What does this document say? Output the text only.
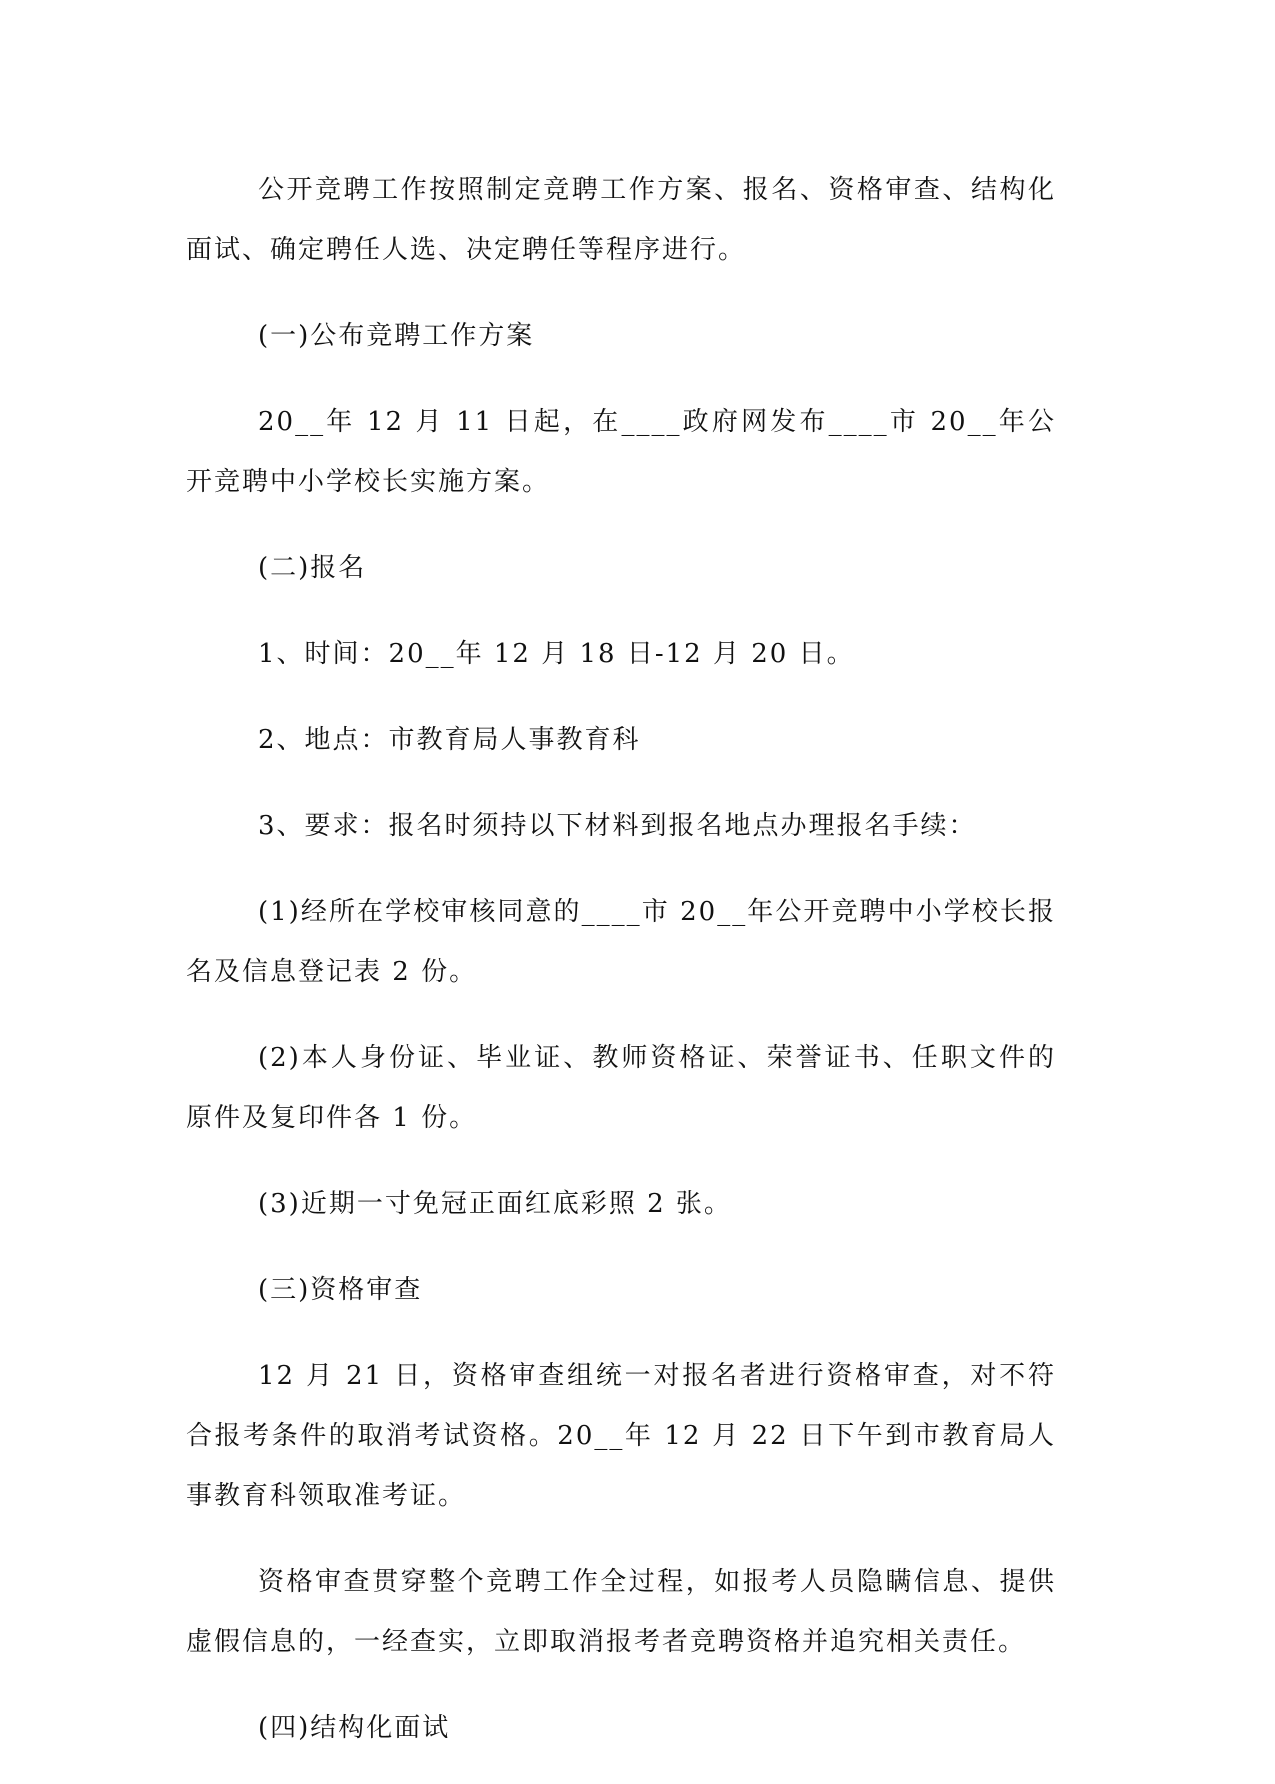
公开竞聘工作按照制定竞聘工作方案、报名、资格审查、结构化面试、确定聘任人选、决定聘任等程序进行。

(一)公布竞聘工作方案

20__年 12 月 11 日起，在____政府网发布____市 20__年公开竞聘中小学校长实施方案。

(二)报名

1、时间：20__年 12 月 18 日-12 月 20 日。

2、地点：市教育局人事教育科

3、要求：报名时须持以下材料到报名地点办理报名手续：

(1)经所在学校审核同意的____市 20__年公开竞聘中小学校长报名及信息登记表 2 份。

(2)本人身份证、毕业证、教师资格证、荣誉证书、任职文件的原件及复印件各 1 份。

(3)近期一寸免冠正面红底彩照 2 张。

(三)资格审查

12 月 21 日，资格审查组统一对报名者进行资格审查，对不符合报考条件的取消考试资格。20__年 12 月 22 日下午到市教育局人事教育科领取准考证。

资格审查贯穿整个竞聘工作全过程，如报考人员隐瞒信息、提供虚假信息的，一经查实，立即取消报考者竞聘资格并追究相关责任。

(四)结构化面试
